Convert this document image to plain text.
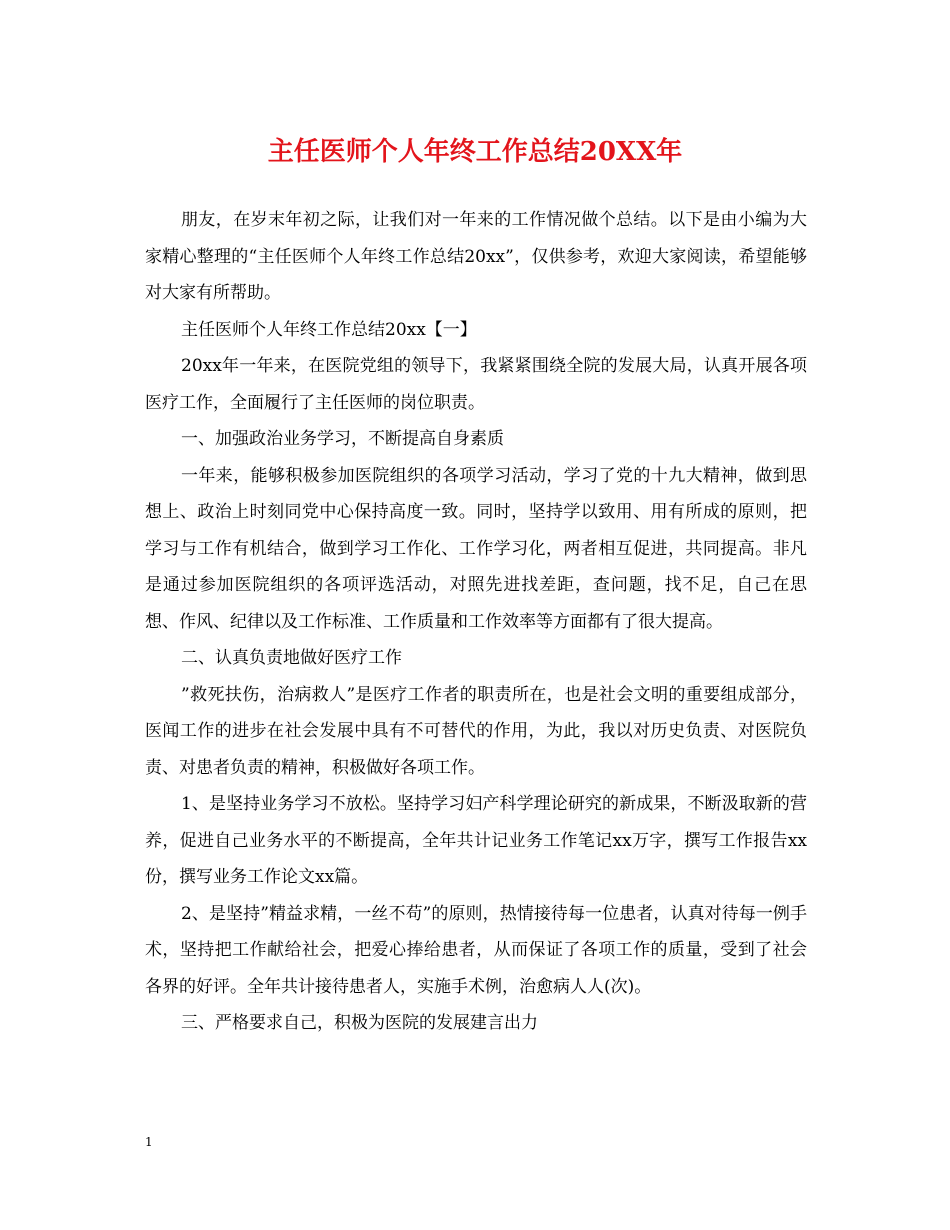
主任医师个人年终工作总结20XX年

朋友，在岁末年初之际，让我们对一年来的工作情况做个总结。以下是由小编为大家精心整理的“主任医师个人年终工作总结20xx”，仅供参考，欢迎大家阅读，希望能够对大家有所帮助。

主任医师个人年终工作总结20xx【一】

20xx年一年来，在医院党组的领导下，我紧紧围绕全院的发展大局，认真开展各项医疗工作，全面履行了主任医师的岗位职责。

一、加强政治业务学习，不断提高自身素质

一年来，能够积极参加医院组织的各项学习活动，学习了党的十九大精神，做到思想上、政治上时刻同党中心保持高度一致。同时，坚持学以致用、用有所成的原则，把学习与工作有机结合，做到学习工作化、工作学习化，两者相互促进，共同提高。非凡是通过参加医院组织的各项评选活动，对照先进找差距，查问题，找不足，自己在思想、作风、纪律以及工作标准、工作质量和工作效率等方面都有了很大提高。

二、认真负责地做好医疗工作

”救死扶伤，治病救人”是医疗工作者的职责所在，也是社会文明的重要组成部分，医闻工作的进步在社会发展中具有不可替代的作用，为此，我以对历史负责、对医院负责、对患者负责的精神，积极做好各项工作。

1、是坚持业务学习不放松。坚持学习妇产科学理论研究的新成果，不断汲取新的营养，促进自己业务水平的不断提高，全年共计记业务工作笔记xx万字，撰写工作报告xx份，撰写业务工作论文xx篇。

2、是坚持”精益求精，一丝不苟”的原则，热情接待每一位患者，认真对待每一例手术，坚持把工作献给社会，把爱心捧给患者，从而保证了各项工作的质量，受到了社会各界的好评。全年共计接待患者人，实施手术例，治愈病人人(次)。

三、严格要求自己，积极为医院的发展建言出力

1
